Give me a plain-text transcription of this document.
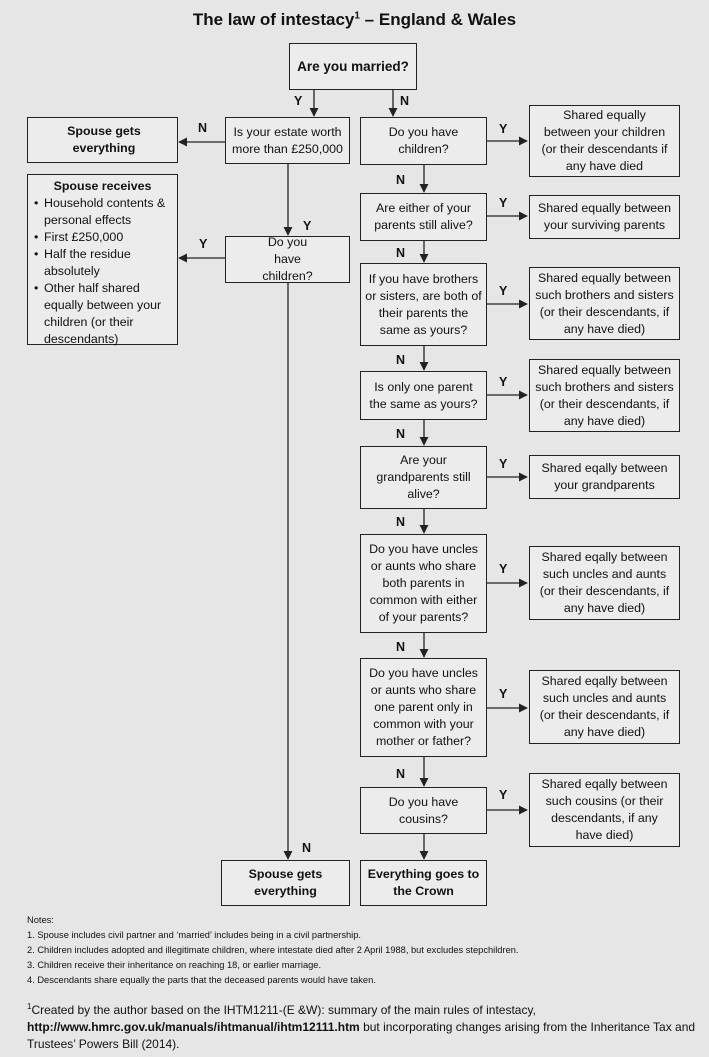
The law of intestacy$^1$ – England & Wales
Are you married?
Spouse gets everything
Is your estate worth more than £250,000
Spouse receives
• Household contents & personal effects
• First £250,000
• Half the residue absolutely
• Other half shared equally between your children (or their descendants)
Do you have children?
Spouse gets everything
Do you have children?
Are either of your parents still alive?
If you have brothers or sisters, are both of their parents the same as yours?
Is only one parent the same as yours?
Are your grandparents still alive?
Do you have uncles or aunts who share both parents in common with either of your parents?
Do you have uncles or aunts who share one parent only in common with your mother or father?
Do you have cousins?
Everything goes to the Crown
Shared equally between your children (or their descendants if any have died
Shared equally between your surviving parents
Shared equally between such brothers and sisters (or their descendants, if any have died)
Shared equally between such brothers and sisters (or their descendants, if any have died)
Shared eqally between your grandparents
Shared eqally between such uncles and aunts (or their descendants, if any have died)
Shared eqally between such uncles and aunts (or their descendants, if any have died)
Shared eqally between such cousins (or their descendants, if any have died)
Y	N
N
Y
Y
N
Y
Y
Y
Y
Y
Y
Y
Y
N
N
N
N
N
N
N
Notes:
1. Spouse includes civil partner and ‘married’ includes being in a civil partnership.
2. Children includes adopted and illegitimate children, where intestate died after 2 April 1988, but excludes stepchildren.
3. Children receive their inheritance on reaching 18, or earlier marriage.
4. Descendants share equally the parts that the deceased parents would have taken.
$^1$Created by the author based on the IHTM1211-(E &W): summary of the main rules of intestacy,
http://www.hmrc.gov.uk/manuals/ihtmanual/ihtm12111.htm but incorporating changes arising from the Inheritance Tax and Trustees’ Powers Bill (2014).
